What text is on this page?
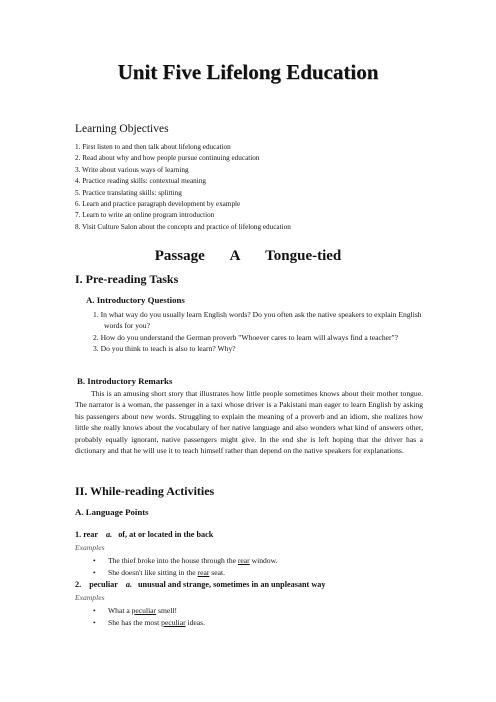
Unit Five Lifelong Education
Learning Objectives
1. First listen to and then talk about lifelong education
2. Read about why and how people pursue continuing education
3. Write about various ways of learning
4. Practice reading skills: contextual meaning
5. Practice translating skills: splitting
6. Learn and practice paragraph development by example
7. Learn to write an online program introduction
8. Visit Culture Salon about the concepts and practice of lifelong education
Passage A Tongue-tied
I. Pre-reading Tasks
A. Introductory Questions
1. In what way do you usually learn English words? Do you often ask the native speakers to explain English words for you?
2. How do you understand the German proverb "Whoever cares to learn will always find a teacher"?
3. Do you think to teach is also to learn? Why?
B. Introductory Remarks

This is an amusing short story that illustrates how little people sometimes knows about their mother tongue. The narrator is a woman, the passenger in a taxi whose driver is a Pakistani man eager to learn English by asking his passengers about new words. Struggling to explain the meaning of a proverb and an idiom, she realizes how little she really knows about the vocabulary of her native language and also wonders what kind of answers other, probably equally ignorant, native passengers might give. In the end she is left hoping that the driver has a dictionary and that he will use it to teach himself rather than depend on the native speakers for explanations.

II. While-reading Activities
A. Language Points
1. rear a. of, at or located in the back
Examples
• The thief broke into the house through the rear window.
• She doesn't like sitting in the rear seat.
2. peculiar a. unusual and strange, sometimes in an unpleasant way
Examples
• What a peculiar smell!
• She has the most peculiar ideas.
